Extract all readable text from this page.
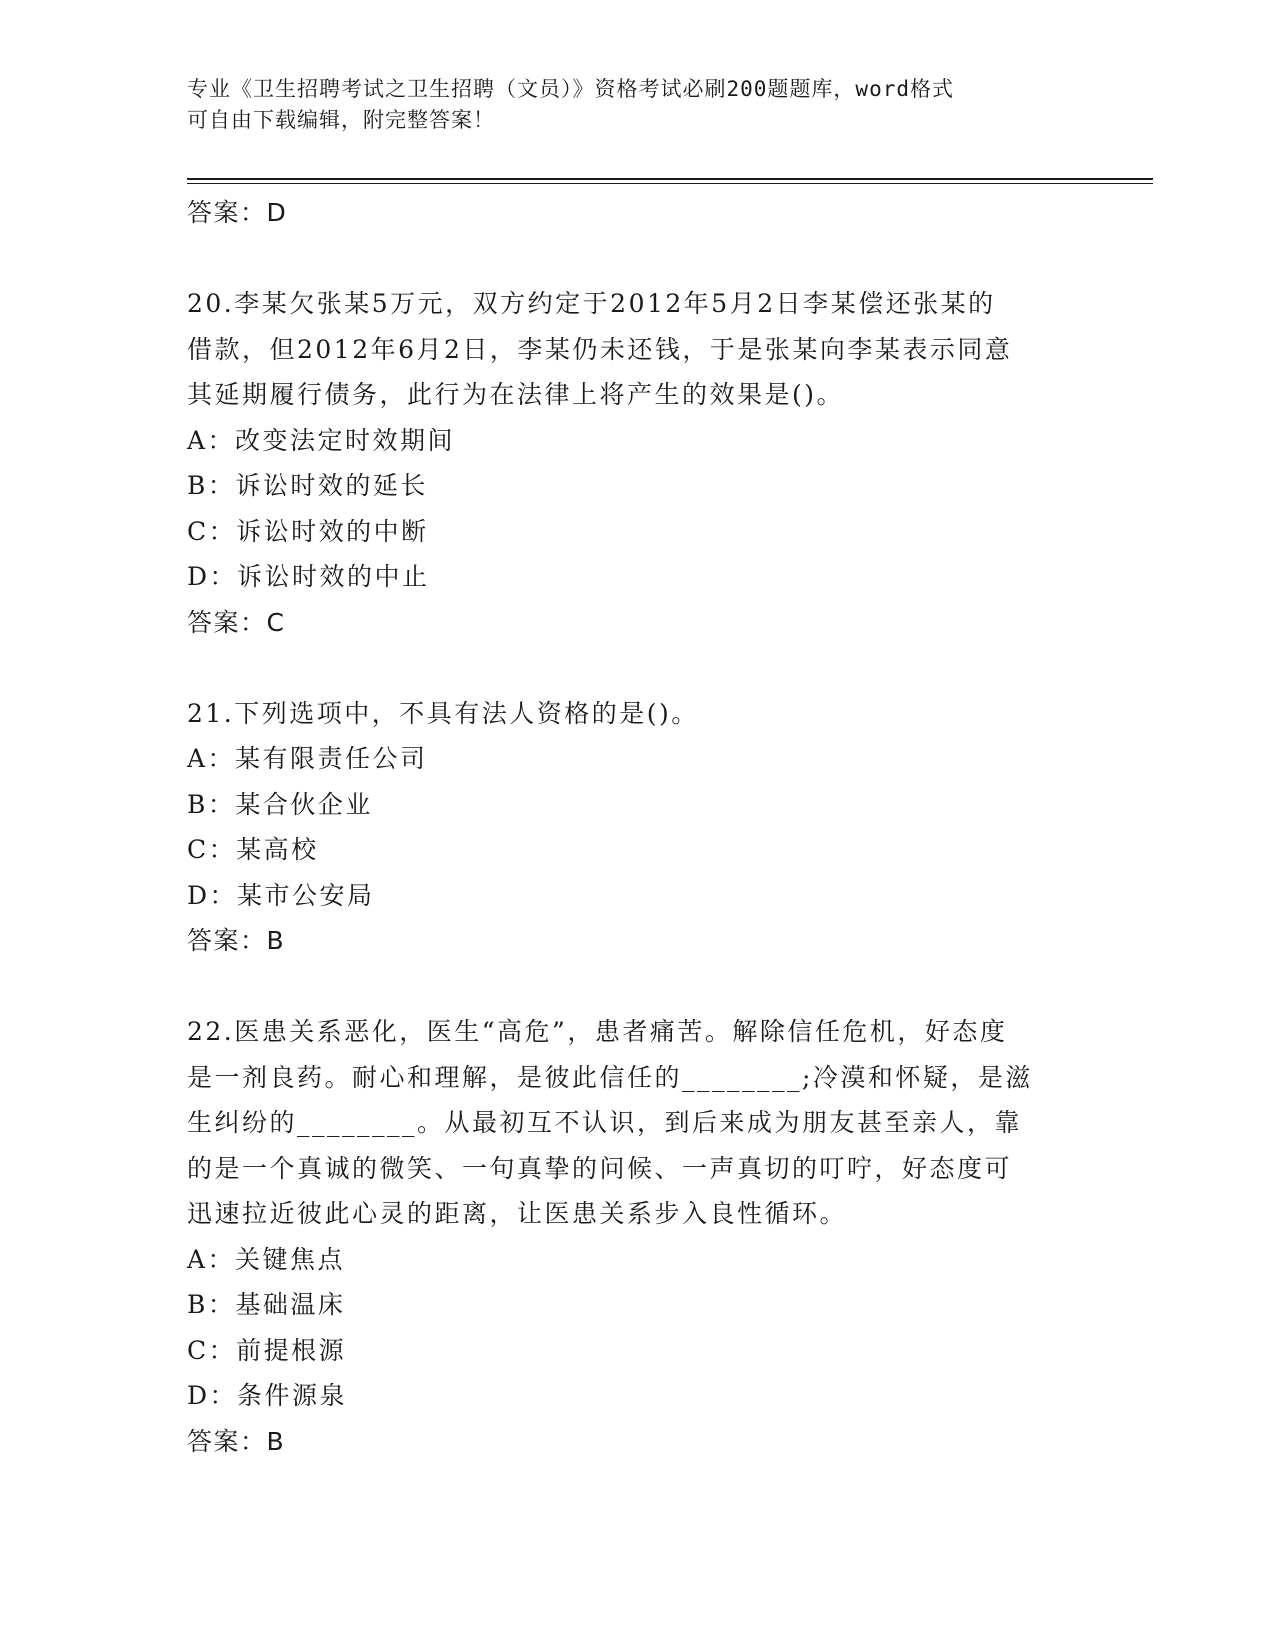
专业《卫生招聘考试之卫生招聘（文员）》资格考试必刷200题题库，word格式
可自由下载编辑，附完整答案！
答案：D
20.李某欠张某5万元，双方约定于2012年5月2日李某偿还张某的
借款，但2012年6月2日，李某仍未还钱，于是张某向李某表示同意
其延期履行债务，此行为在法律上将产生的效果是()。
A：改变法定时效期间
B：诉讼时效的延长
C：诉讼时效的中断
D：诉讼时效的中止
答案：C
21.下列选项中，不具有法人资格的是()。
A：某有限责任公司
B：某合伙企业
C：某高校
D：某市公安局
答案：B
22.医患关系恶化，医生“高危”，患者痛苦。解除信任危机，好态度
是一剂良药。耐心和理解，是彼此信任的________;冷漠和怀疑，是滋
生纠纷的________。从最初互不认识，到后来成为朋友甚至亲人，靠
的是一个真诚的微笑、一句真挚的问候、一声真切的叮咛，好态度可
迅速拉近彼此心灵的距离，让医患关系步入良性循环。
A：关键焦点
B：基础温床
C：前提根源
D：条件源泉
答案：B
